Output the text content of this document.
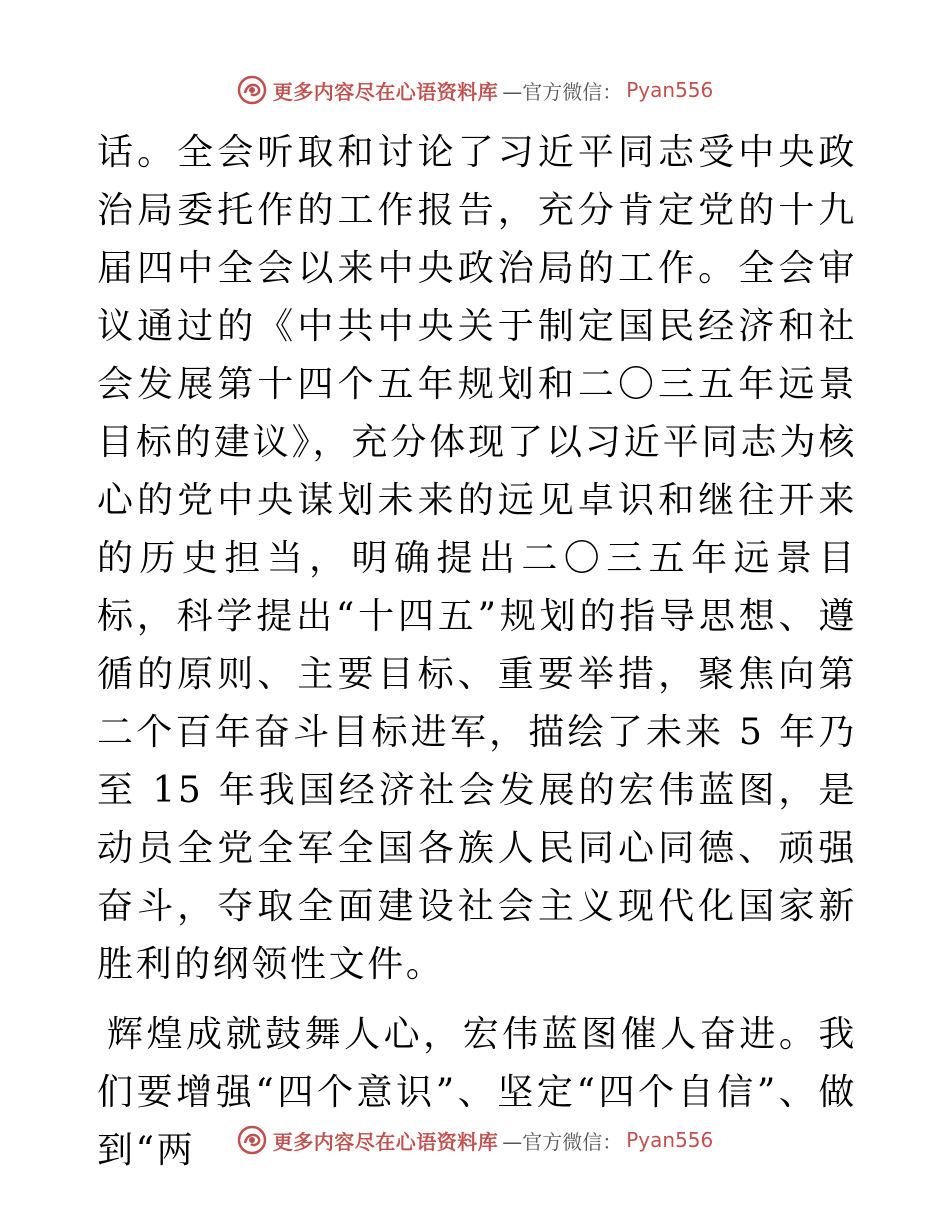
更多内容尽在心语资料库 —官方微信： Pyan556

话。全会听取和讨论了习近平同志受中央政治局委托作的工作报告，充分肯定党的十九届四中全会以来中央政治局的工作。全会审议通过的《中共中央关于制定国民经济和社会发展第十四个五年规划和二〇三五年远景目标的建议》，充分体现了以习近平同志为核心的党中央谋划未来的远见卓识和继往开来的历史担当，明确提出二〇三五年远景目标，科学提出“十四五”规划的指导思想、遵循的原则、主要目标、重要举措，聚焦向第二个百年奋斗目标进军，描绘了未来 5 年乃至 15 年我国经济社会发展的宏伟蓝图，是动员全党全军全国各族人民同心同德、顽强奋斗，夺取全面建设社会主义现代化国家新胜利的纲领性文件。

辉煌成就鼓舞人心，宏伟蓝图催人奋进。我们要增强“四个意识”、坚定“四个自信”、做到“两	更多内容尽在心语资料库 —官方微信： Pyan556
